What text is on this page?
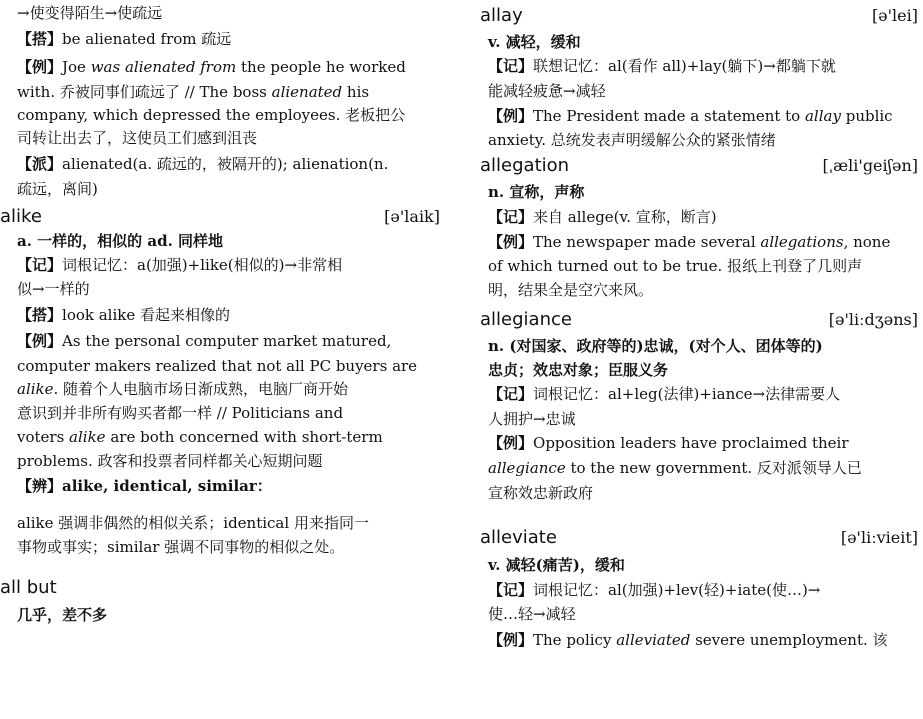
→使变得陌生→使疏远
【搭】be alienated from 疏远
【例】Joe was alienated from the people he worked
with. 乔被同事们疏远了 // The boss alienated his
company, which depressed the employees. 老板把公
司转让出去了，这使员工们感到沮丧
【派】alienated(a. 疏远的，被隔开的); alienation(n.
疏远，离间)
alike	[ə'laik]
a. 一样的，相似的 ad. 同样地
【记】词根记忆：a(加强)+like(相似的)→非常相
似→一样的
【搭】look alike 看起来相像的
【例】As the personal computer market matured,
computer makers realized that not all PC buyers are
alike. 随着个人电脑市场日渐成熟，电脑厂商开始
意识到并非所有购买者都一样 // Politicians and
voters alike are both concerned with short-term
problems. 政客和投票者同样都关心短期问题
【辨】alike, identical, similar：
alike 强调非偶然的相似关系；identical 用来指同一
事物或事实；similar 强调不同事物的相似之处。
all but
几乎，差不多
allay	[ə'lei]
v. 减轻，缓和
【记】联想记忆：al(看作 all)+lay(躺下)→都躺下就
能减轻疲惫→减轻
【例】The President made a statement to allay public
anxiety. 总统发表声明缓解公众的紧张情绪
allegation	[ˌæli'geiʃən]
n. 宣称，声称
【记】来自 allege(v. 宣称，断言)
【例】The newspaper made several allegations, none
of which turned out to be true. 报纸上刊登了几则声
明，结果全是空穴来风。
allegiance	[ə'liːdʒəns]
n. (对国家、政府等的)忠诚，(对个人、团体等的)
忠贞；效忠对象；臣服义务
【记】词根记忆：al+leg(法律)+iance→法律需要人
人拥护→忠诚
【例】Opposition leaders have proclaimed their
allegiance to the new government. 反对派领导人已
宣称效忠新政府
alleviate	[ə'liːvieit]
v. 减轻(痛苦)，缓和
【记】词根记忆：al(加强)+lev(轻)+iate(使…)→
使…轻→减轻
【例】The policy alleviated severe unemployment. 该
